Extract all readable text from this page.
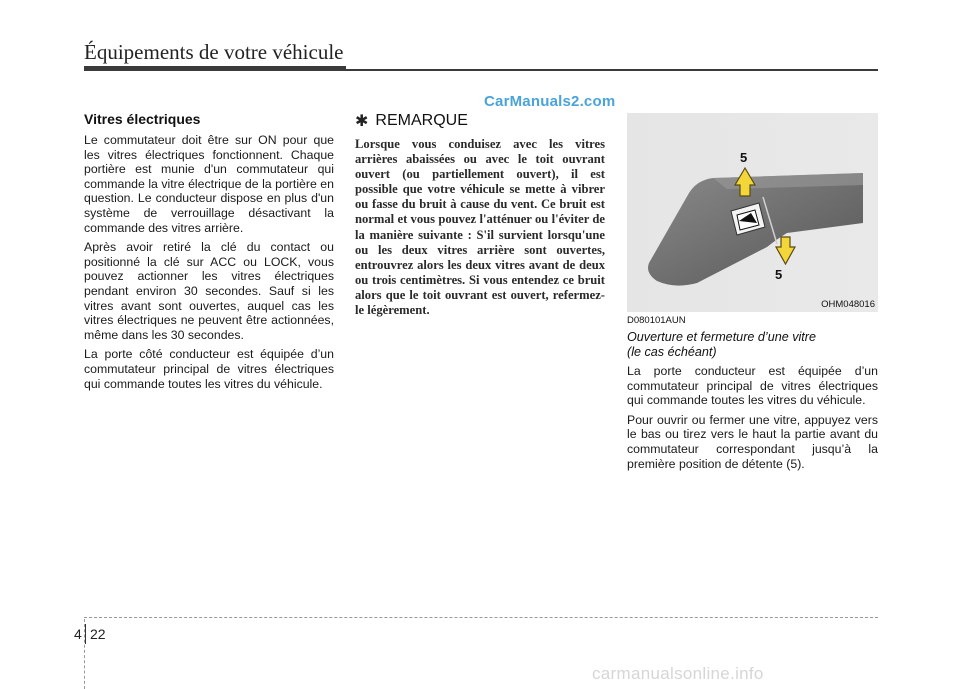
Équipements de votre véhicule
CarManuals2.com
Vitres électriques

Le commutateur doit être sur ON pour que les vitres électriques fonctionnent. Chaque portière est munie d'un commutateur qui commande la vitre électrique de la portière en question. Le conducteur dispose en plus d'un système de verrouillage désactivant la commande des vitres arrière.

Après avoir retiré la clé du contact ou positionné la clé sur ACC ou LOCK, vous pouvez actionner les vitres électriques pendant environ 30 secondes. Sauf si les vitres avant sont ouvertes, auquel cas les vitres électriques ne peuvent être actionnées, même dans les 30 secondes.

La porte côté conducteur est équipée d’un commutateur principal de vitres électriques qui commande toutes les vitres du véhicule.

✱ REMARQUE

Lorsque vous conduisez avec les vitres arrières abaissées ou avec le toit ouvrant ouvert (ou partiellement ouvert), il est possible que votre véhicule se mette à vibrer ou fasse du bruit à cause du vent. Ce bruit est normal et vous pouvez l'atténuer ou l'éviter de la manière suivante : S'il survient lorsqu'une ou les deux vitres arrière sont ouvertes, entrouvrez alors les deux vitres avant de deux ou trois centimètres. Si vous entendez ce bruit alors que le toit ouvrant est ouvert, refermez-le légèrement.

5
5
OHM048016
D080101AUN
Ouverture et fermeture d’une vitre
(le cas échéant)

La porte conducteur est équipée d’un commutateur principal de vitres électriques qui commande toutes les vitres du véhicule.

Pour ouvrir ou fermer une vitre, appuyez vers le bas ou tirez vers le haut la partie avant du commutateur correspondant jusqu’à la première position de détente (5).

4 22
carmanualsonline.info
